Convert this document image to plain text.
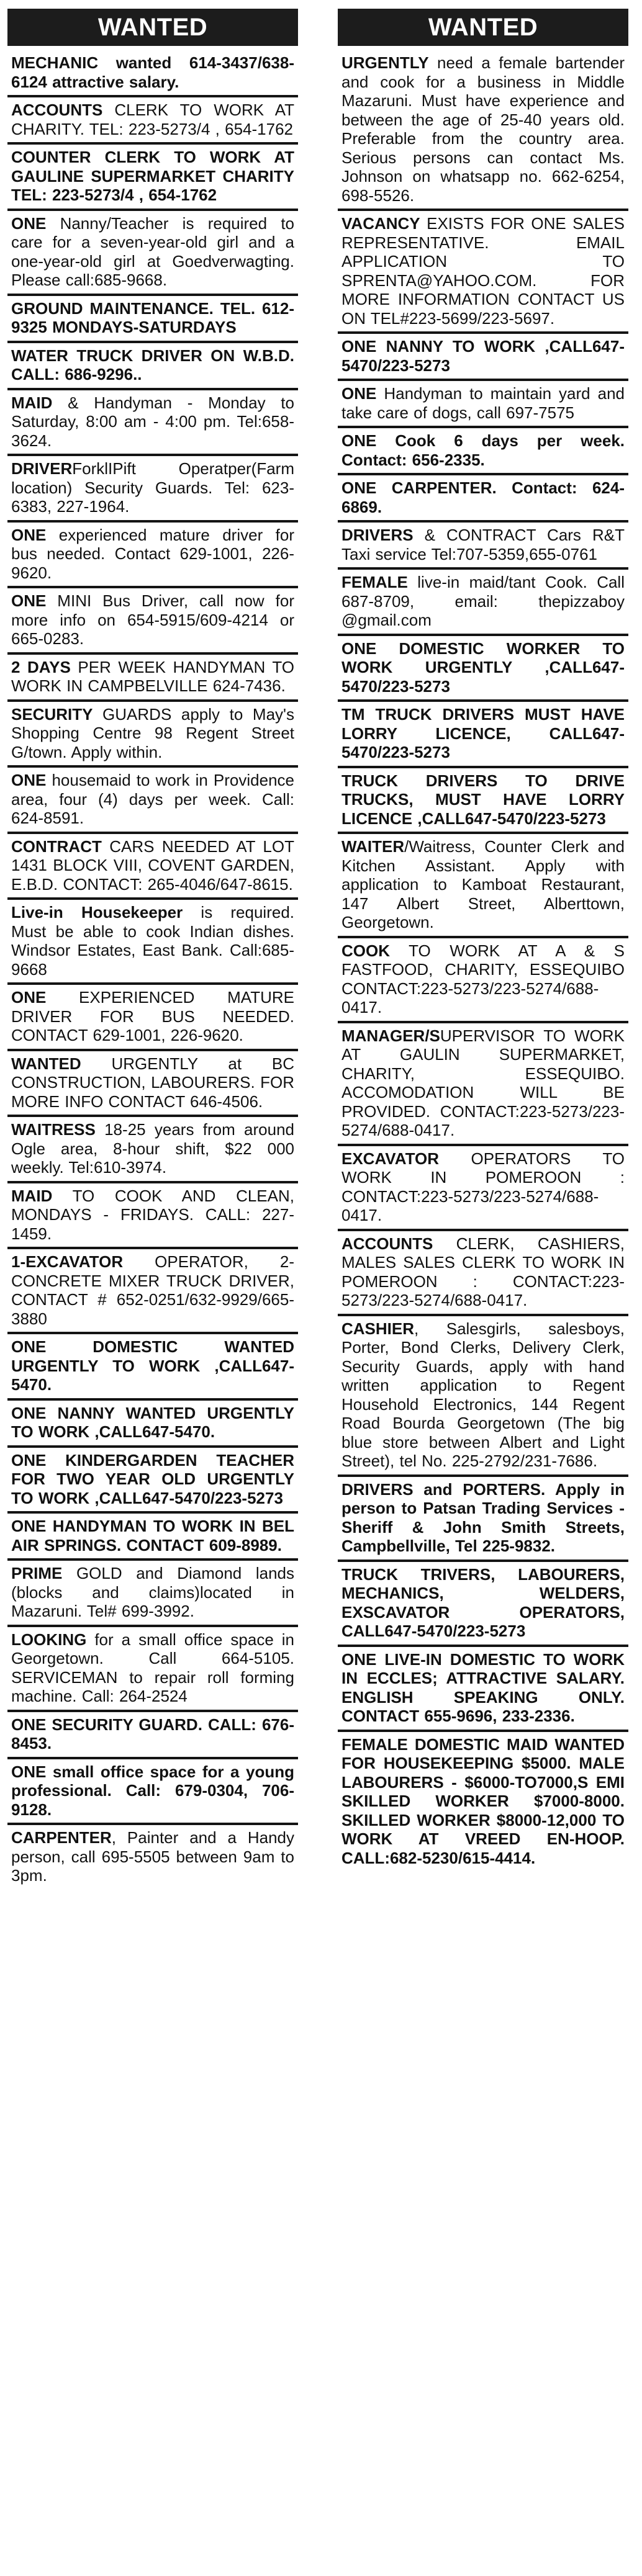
WANTED
MECHANIC wanted 614-3437/638-6124 attractive salary.
ACCOUNTS CLERK TO WORK AT CHARITY. TEL: 223-5273/4 , 654-1762
COUNTER CLERK TO WORK AT GAULINE SUPERMARKET CHARITY TEL: 223-5273/4 , 654-1762
ONE Nanny/Teacher is required to care for a seven-year-old girl and a one-year-old girl at Goedverwagting. Please call:685-9668.
GROUND MAINTENANCE. TEL. 612-9325 MONDAYS-SATURDAYS
WATER TRUCK DRIVER ON W.B.D. CALL: 686-9296..
MAID & Handyman - Monday to Saturday, 8:00 am - 4:00 pm. Tel:658-3624.
DRIVERForklIPift Operatper(Farm location) Security Guards. Tel: 623-6383, 227-1964.
ONE experienced mature driver for bus needed. Contact 629-1001, 226-9620.
ONE MINI Bus Driver, call now for more info on 654-5915/609-4214 or 665-0283.
2 DAYS PER WEEK HANDYMAN TO WORK IN CAMPBELVILLE 624-7436.
SECURITY GUARDS apply to May's Shopping Centre 98 Regent Street G/town. Apply within.
ONE housemaid to work in Providence area, four (4) days per week. Call: 624-8591.
CONTRACT CARS NEEDED AT LOT 1431 BLOCK VIII, COVENT GARDEN, E.B.D. CONTACT: 265-4046/647-8615.
Live-in Housekeeper is required. Must be able to cook Indian dishes. Windsor Estates, East Bank. Call:685-9668
ONE EXPERIENCED MATURE DRIVER FOR BUS NEEDED. CONTACT 629-1001, 226-9620.
WANTED URGENTLY at BC CONSTRUCTION, LABOURERS. FOR MORE INFO CONTACT 646-4506.
WAITRESS 18-25 years from around Ogle area, 8-hour shift, $22 000 weekly. Tel:610-3974.
MAID TO COOK AND CLEAN, MONDAYS - FRIDAYS. CALL: 227-1459.
1-EXCAVATOR OPERATOR, 2- CONCRETE MIXER TRUCK DRIVER, CONTACT # 652-0251/632-9929/665-3880
ONE DOMESTIC WANTED URGENTLY TO WORK ,CALL647-5470.
ONE NANNY WANTED URGENTLY TO WORK ,CALL647-5470.
ONE KINDERGARDEN TEACHER FOR TWO YEAR OLD URGENTLY TO WORK ,CALL647-5470/223-5273
ONE HANDYMAN TO WORK IN BEL AIR SPRINGS. CONTACT 609-8989.
PRIME GOLD and Diamond lands (blocks and claims)located in Mazaruni. Tel# 699-3992.
LOOKING for a small office space in Georgetown. Call 664-5105. SERVICEMAN to repair roll forming machine. Call: 264-2524
ONE SECURITY GUARD. CALL: 676-8453.
ONE small office space for a young professional. Call: 679-0304, 706-9128.
CARPENTER, Painter and a Handy person, call 695-5505 between 9am to 3pm.
WANTED
URGENTLY need a female bartender and cook for a business in Middle Mazaruni. Must have experience and between the age of 25-40 years old. Preferable from the country area. Serious persons can contact Ms. Johnson on whatsapp no. 662-6254, 698-5526.
VACANCY EXISTS FOR ONE SALES REPRESENTATIVE. EMAIL APPLICATION TO SPRENTA@YAHOO.COM. FOR MORE INFORMATION CONTACT US ON TEL#223-5699/223-5697.
ONE NANNY TO WORK ,CALL647-5470/223-5273
ONE Handyman to maintain yard and take care of dogs, call 697-7575
ONE Cook 6 days per week. Contact: 656-2335.
ONE CARPENTER. Contact: 624-6869.
DRIVERS & CONTRACT Cars R&T Taxi service Tel:707-5359,655-0761
FEMALE live-in maid/tant Cook. Call 687-8709, email: thepizzaboy @gmail.com
ONE DOMESTIC WORKER TO WORK URGENTLY ,CALL647-5470/223-5273
TM TRUCK DRIVERS MUST HAVE LORRY LICENCE, CALL647-5470/223-5273
TRUCK DRIVERS TO DRIVE TRUCKS, MUST HAVE LORRY LICENCE ,CALL647-5470/223-5273
WAITER/Waitress, Counter Clerk and Kitchen Assistant. Apply with application to Kamboat Restaurant, 147 Albert Street, Alberttown, Georgetown.
COOK TO WORK AT A & S FASTFOOD, CHARITY, ESSEQUIBO CONTACT:223-5273/223-5274/688-0417.
MANAGER/SUPERVISOR TO WORK AT GAULIN SUPERMARKET, CHARITY, ESSEQUIBO. ACCOMODATION WILL BE PROVIDED. CONTACT:223-5273/223-5274/688-0417.
EXCAVATOR OPERATORS TO WORK IN POMEROON : CONTACT:223-5273/223-5274/688-0417.
ACCOUNTS CLERK, CASHIERS, MALES SALES CLERK TO WORK IN POMEROON : CONTACT:223-5273/223-5274/688-0417.
CASHIER, Salesgirls, salesboys, Porter, Bond Clerks, Delivery Clerk, Security Guards, apply with hand written application to Regent Household Electronics, 144 Regent Road Bourda Georgetown (The big blue store between Albert and Light Street), tel No. 225-2792/231-7686.
DRIVERS and PORTERS. Apply in person to Patsan Trading Services - Sheriff & John Smith Streets, Campbellville, Tel 225-9832.
TRUCK TRIVERS, LABOURERS, MECHANICS, WELDERS, EXSCAVATOR OPERATORS, CALL647-5470/223-5273
ONE LIVE-IN DOMESTIC TO WORK IN ECCLES; ATTRACTIVE SALARY. ENGLISH SPEAKING ONLY. CONTACT 655-9696, 233-2336.
FEMALE DOMESTIC MAID WANTED FOR HOUSEKEEPING $5000. MALE LABOURERS - $6000-TO7000,S EMI SKILLED WORKER $7000-8000. SKILLED WORKER $8000-12,000 TO WORK AT VREED EN-HOOP. CALL:682-5230/615-4414.
